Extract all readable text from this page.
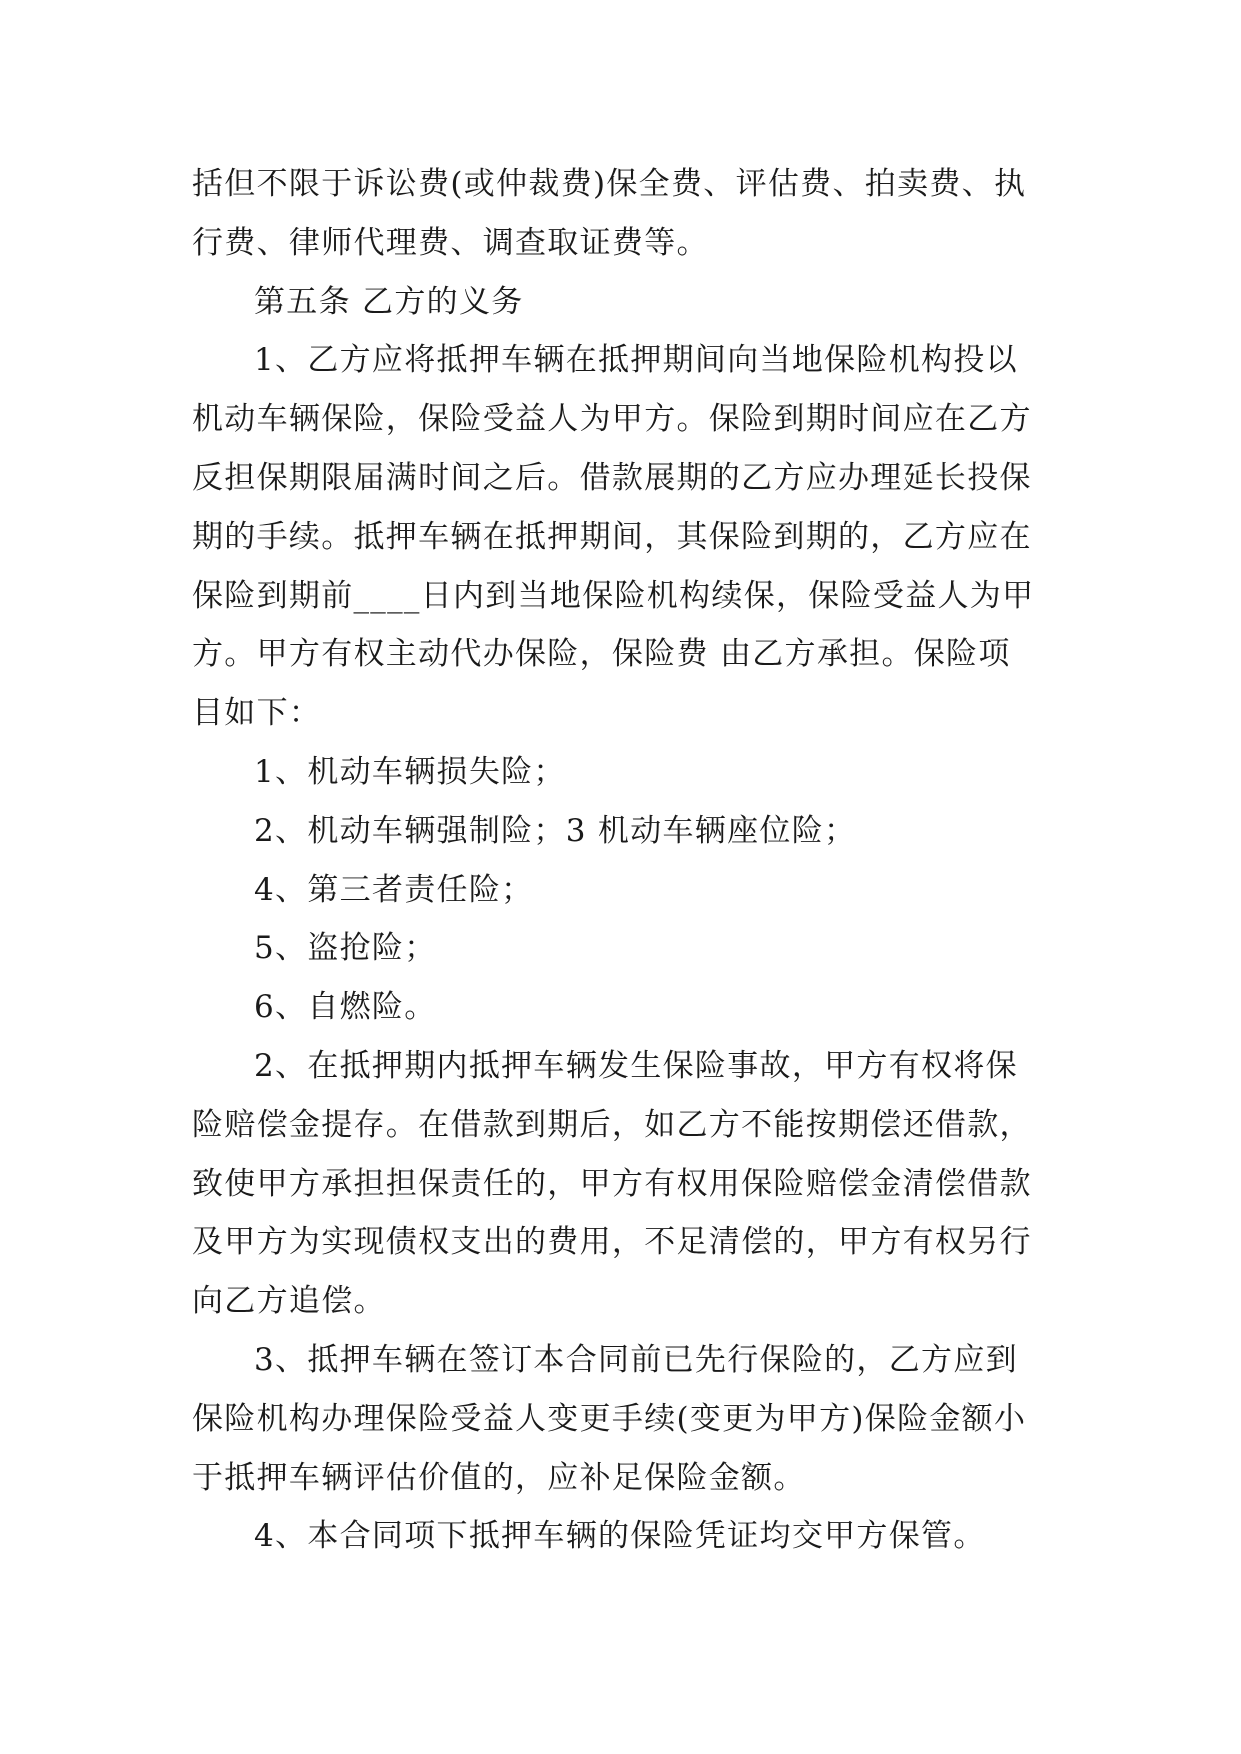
括但不限于诉讼费(或仲裁费)保全费、评估费、拍卖费、执
行费、律师代理费、调查取证费等。
第五条 乙方的义务
1、乙方应将抵押车辆在抵押期间向当地保险机构投以
机动车辆保险，保险受益人为甲方。保险到期时间应在乙方
反担保期限届满时间之后。借款展期的乙方应办理延长投保
期的手续。抵押车辆在抵押期间，其保险到期的，乙方应在
保险到期前____日内到当地保险机构续保，保险受益人为甲
方。甲方有权主动代办保险，保险费 由乙方承担。保险项
目如下：
1、机动车辆损失险；
2、机动车辆强制险；3 机动车辆座位险；
4、第三者责任险；
5、盗抢险；
6、自燃险。
2、在抵押期内抵押车辆发生保险事故，甲方有权将保
险赔偿金提存。在借款到期后，如乙方不能按期偿还借款，
致使甲方承担担保责任的，甲方有权用保险赔偿金清偿借款
及甲方为实现债权支出的费用，不足清偿的，甲方有权另行
向乙方追偿。
3、抵押车辆在签订本合同前已先行保险的，乙方应到
保险机构办理保险受益人变更手续(变更为甲方)保险金额小
于抵押车辆评估价值的，应补足保险金额。
4、本合同项下抵押车辆的保险凭证均交甲方保管。
